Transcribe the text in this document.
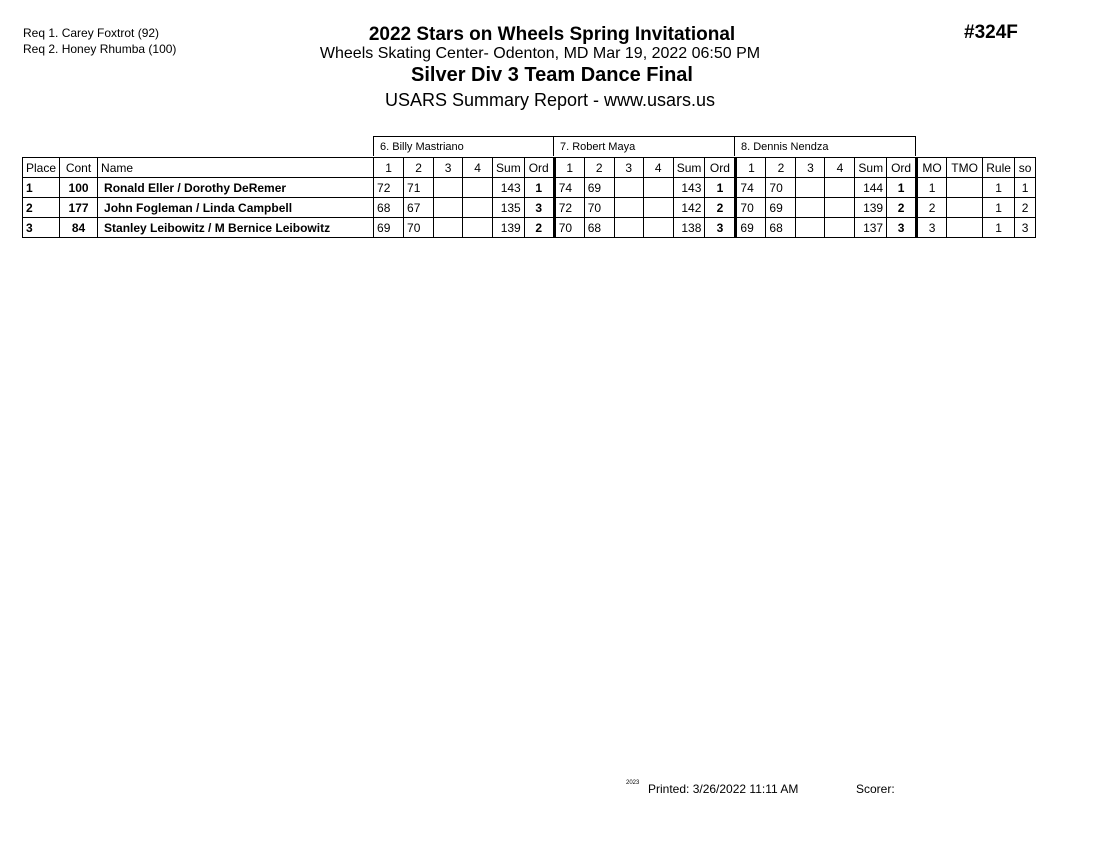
Req 1. Carey Foxtrot (92)
Req 2. Honey Rhumba (100)
#324F
2022 Stars on Wheels Spring Invitational
Wheels Skating Center- Odenton, MD Mar 19, 2022 06:50 PM
Silver Div 3 Team Dance Final
USARS Summary Report - www.usars.us
6. Billy Mastriano	7. Robert Maya	8. Dennis Nendza
Place	Cont	Name	1	2	3	4	Sum	Ord	1	2	3	4	Sum	Ord	1	2	3	4	Sum	Ord	MO	TMO	Rule	so
1	100	Ronald Eller / Dorothy DeRemer	72	71			143	1	74	69			143	1	74	70			144	1	1		1	1
2	177	John Fogleman / Linda Campbell	68	67			135	3	72	70			142	2	70	69			139	2	2		1	2
3	84	Stanley Leibowitz / M Bernice Leibowitz	69	70			139	2	70	68			138	3	69	68			137	3	3		1	3
2023 Printed: 3/26/2022 11:11 AM	Scorer:
